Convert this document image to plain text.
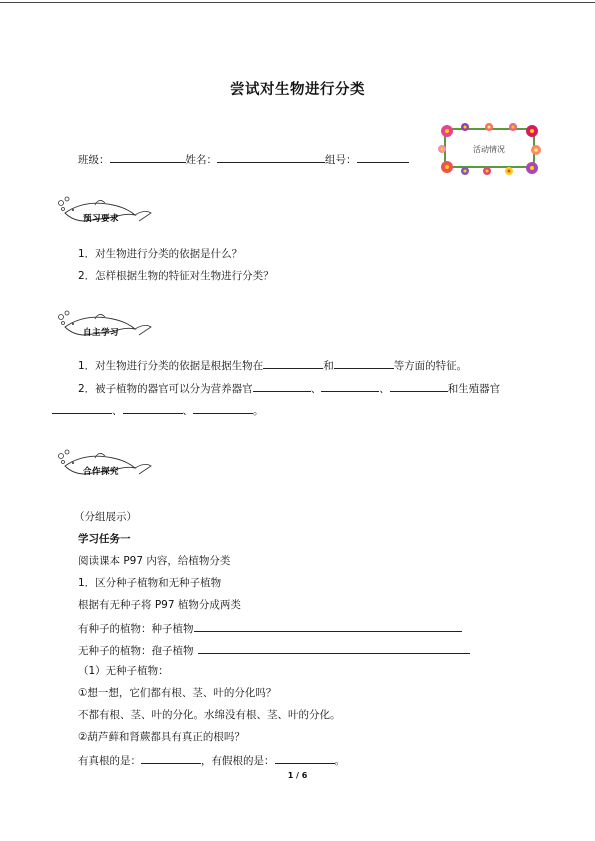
尝试对生物进行分类
班级：	姓名：	组号：
活动情况
预习要求
1．对生物进行分类的依据是什么？
2．怎样根据生物的特征对生物进行分类？
自主学习
1．对生物进行分类的依据是根据生物在	和	等方面的特征。
2．被子植物的器官可以分为营养器官	、	、	和生殖器官
、	、	。
合作探究
（分组展示）
学习任务一
阅读课本 P97 内容，给植物分类
1．区分种子植物和无种子植物
根据有无种子将 P97 植物分成两类
有种子的植物：种子植物
无种子的植物：孢子植物
（1）无种子植物：
①想一想，它们都有根、茎、叶的分化吗？
不都有根、茎、叶的分化。水绵没有根、茎、叶的分化。
②葫芦藓和肾蕨都具有真正的根吗？
有真根的是：	，有假根的是：	。
1 / 6
